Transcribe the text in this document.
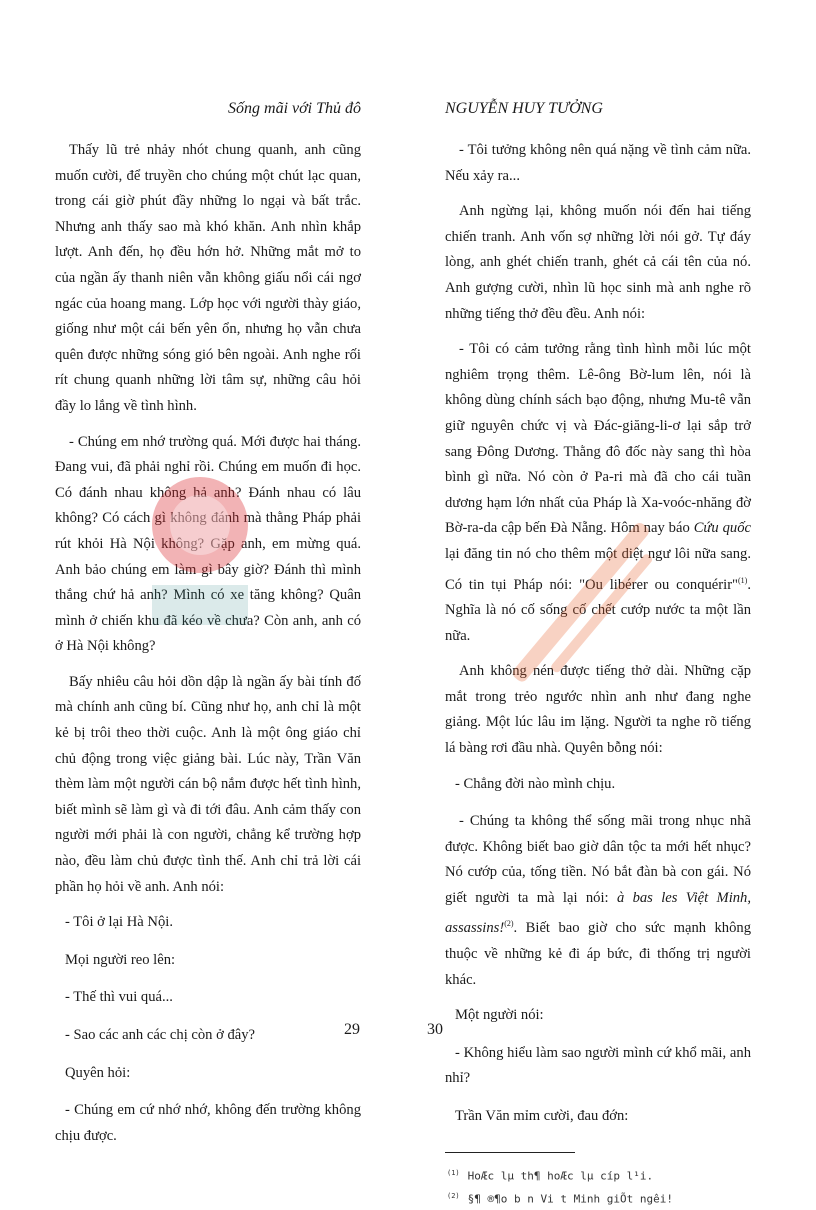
Sống mãi với Thủ đô

Thấy lũ trẻ nhảy nhót chung quanh, anh cũng muốn cười, để truyền cho chúng một chút lạc quan, trong cái giờ phút đầy những lo ngại và bất trắc. Nhưng anh thấy sao mà khó khăn. Anh nhìn khắp lượt. Anh đến, họ đều hớn hở. Những mắt mở to của ngần ấy thanh niên vẫn không giấu nổi cái ngơ ngác của hoang mang. Lớp học với người thày giáo, giống như một cái bến yên ổn, nhưng họ vẫn chưa quên được những sóng gió bên ngoài. Anh nghe rối rít chung quanh những lời tâm sự, những câu hỏi đầy lo lắng về tình hình.

- Chúng em nhớ trường quá. Mới được hai tháng. Đang vui, đã phải nghỉ rồi. Chúng em muốn đi học. Có đánh nhau không hả anh? Đánh nhau có lâu không? Có cách gì không đánh mà thằng Pháp phải rút khỏi Hà Nội không? Gặp anh, em mừng quá. Anh bảo chúng em làm gì bây giờ? Đánh thì mình thắng chứ hả anh? Mình có xe tăng không? Quân mình ở chiến khu đã kéo về chưa? Còn anh, anh có ở Hà Nội không?

Bấy nhiêu câu hỏi dồn dập là ngần ấy bài tính đố mà chính anh cũng bí. Cũng như họ, anh chỉ là một kẻ bị trôi theo thời cuộc. Anh là một ông giáo chỉ chủ động trong việc giảng bài. Lúc này, Trần Văn thèm làm một người cán bộ nắm được hết tình hình, biết mình sẽ làm gì và đi tới đâu. Anh cảm thấy con người mới phải là con người, chẳng kể trường hợp nào, đều làm chủ được tình thế. Anh chỉ trả lời cái phần họ hỏi về anh. Anh nói:

- Tôi ở lại Hà Nội.

Mọi người reo lên:

- Thế thì vui quá...

- Sao các anh các chị còn ở đây?

Quyên hỏi:

- Chúng em cứ nhớ nhớ, không đến trường không chịu được.

NGUYỄN HUY TƯỞNG

- Tôi tưởng không nên quá nặng về tình cảm nữa. Nếu xảy ra...

Anh ngừng lại, không muốn nói đến hai tiếng chiến tranh. Anh vốn sợ những lời nói gở. Tự đáy lòng, anh ghét chiến tranh, ghét cả cái tên của nó. Anh gượng cười, nhìn lũ học sinh mà anh nghe rõ những tiếng thở đều đều. Anh nói:

- Tôi có cảm tưởng rằng tình hình mỗi lúc một nghiêm trọng thêm. Lê-ông Bờ-lum lên, nói là không dùng chính sách bạo động, nhưng Mu-tê vẫn giữ nguyên chức vị và Đác-giăng-li-ơ lại sắp trở sang Đông Dương. Thằng đô đốc này sang thì hòa bình gì nữa. Nó còn ở Pa-ri mà đã cho cái tuần dương hạm lớn nhất của Pháp là Xa-voóc-nhăng đờ Bờ-ra-da cập bến Đà Nẵng. Hôm nay báo Cứu quốc lại đăng tin nó cho thêm một diệt ngư lôi nữa sang. Có tin tụi Pháp nói: "Ou libérer ou conquérir"$^{(1)}$. Nghĩa là nó cố sống cố chết cướp nước ta một lần nữa.

Anh không nén được tiếng thở dài. Những cặp mắt trong trẻo ngước nhìn anh như đang nghe giảng. Một lúc lâu im lặng. Người ta nghe rõ tiếng lá bàng rơi đầu nhà. Quyên bỗng nói:

- Chẳng đời nào mình chịu.

- Chúng ta không thể sống mãi trong nhục nhã được. Không biết bao giờ dân tộc ta mới hết nhục? Nó cướp của, tống tiền. Nó bắt đàn bà con gái. Nó giết người ta mà lại nói: à bas les Việt Minh, assassins!$^{(2)}$. Biết bao giờ cho sức mạnh không thuộc về những kẻ đi áp bức, đi thống trị người khác.

Một người nói:

- Không hiểu làm sao người mình cứ khổ mãi, anh nhỉ?

Trần Văn mỉm cười, đau đớn:

$^{(1)}$ HoÆc lµ th¶ hoÆc lµ cíp l¹i.
$^{(2)}$ §¶ ®¶o b n Vi t Minh giÕt ngêi!
29	30
